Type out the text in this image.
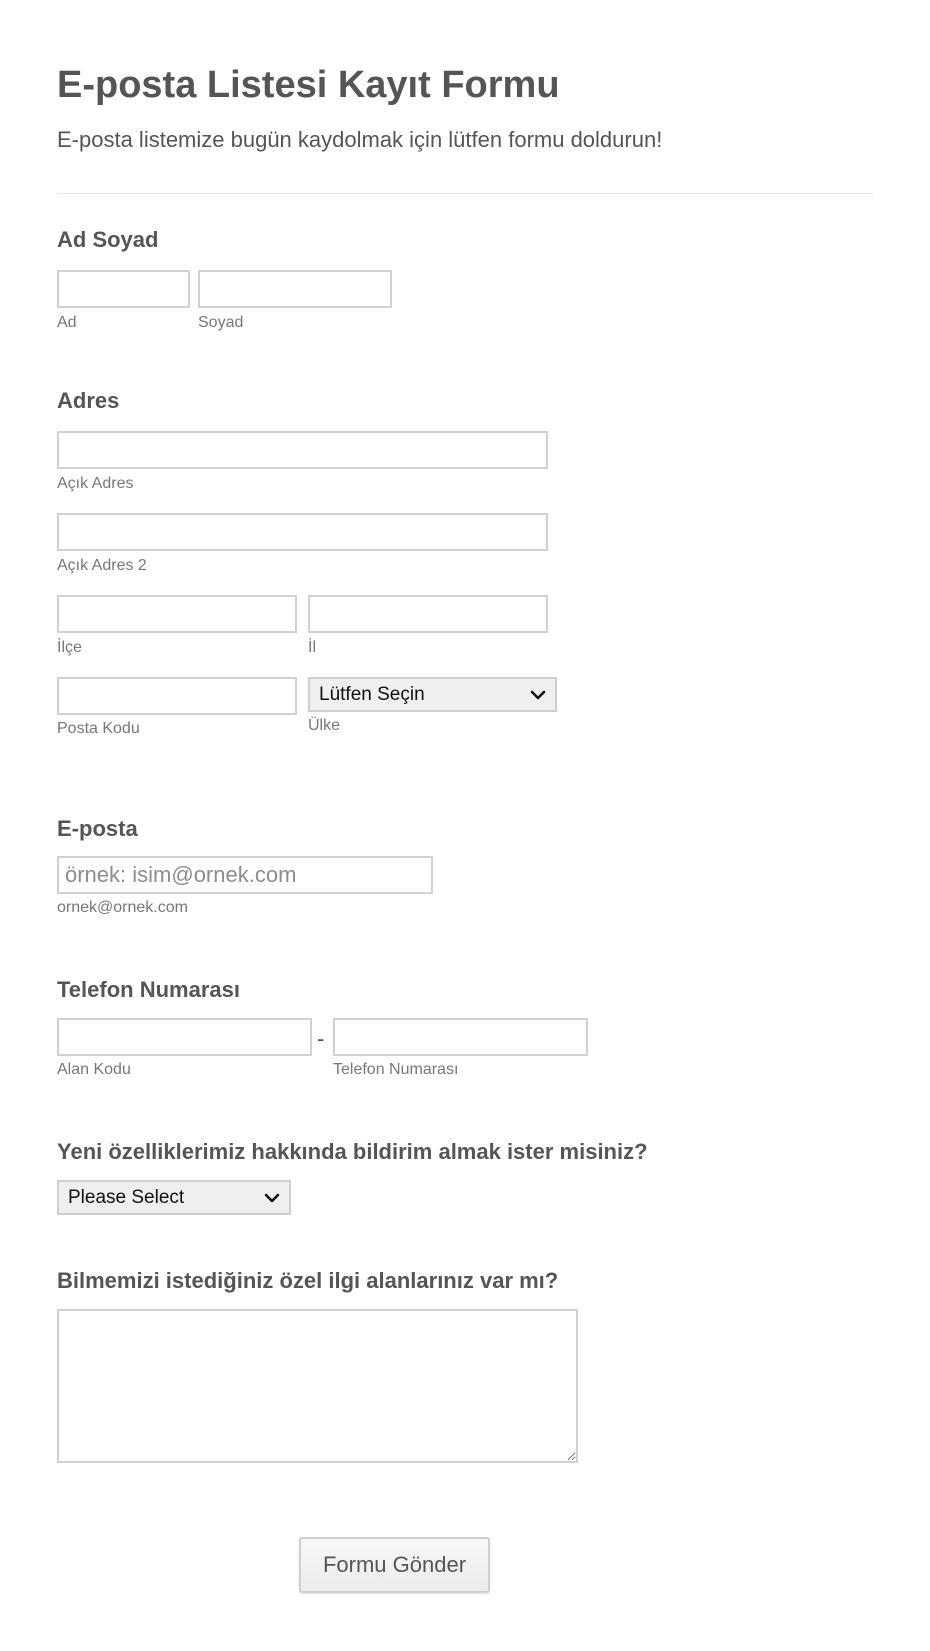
E-posta Listesi Kayıt Formu
E-posta listemize bugün kaydolmak için lütfen formu doldurun!
Ad Soyad
Ad	Soyad
Adres
Açık Adres
Açık Adres 2
İlçe	İl
Lütfen Seçin
Posta Kodu	Ülke
E-posta
örnek: isim@ornek.com
ornek@ornek.com
Telefon Numarası
-
Alan Kodu	Telefon Numarası
Yeni özelliklerimiz hakkında bildirim almak ister misiniz?
Please Select
Bilmemizi istediğiniz özel ilgi alanlarınız var mı?
Formu Gönder
